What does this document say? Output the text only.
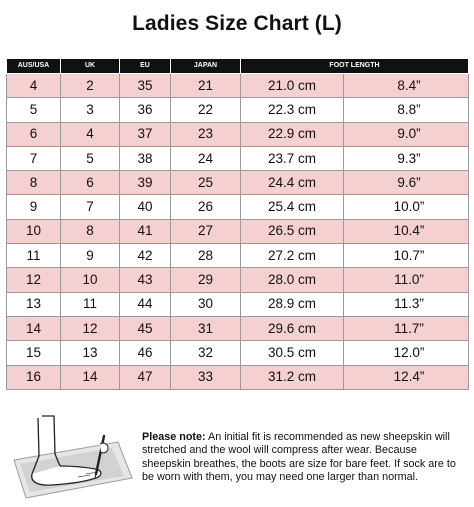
Ladies Size Chart (L)
AUS/USA	UK	EU	JAPAN	FOOT LENGTH	
4	2	35	21	21.0 cm	8.4”
5	3	36	22	22.3 cm	8.8”
6	4	37	23	22.9 cm	9.0”
7	5	38	24	23.7 cm	9.3”
8	6	39	25	24.4 cm	9.6”
9	7	40	26	25.4 cm	10.0”
10	8	41	27	26.5 cm	10.4”
11	9	42	28	27.2 cm	10.7”
12	10	43	29	28.0 cm	11.0”
13	11	44	30	28.9 cm	11.3”
14	12	45	31	29.6 cm	11.7”
15	13	46	32	30.5 cm	12.0”
16	14	47	33	31.2 cm	12.4”
Please note: An initial fit is recommended as new sheepskin will stretched and the wool will compress after wear. Because sheepskin breathes, the boots are size for bare feet. If sock are to be worn with them, you may need one larger than normal.
